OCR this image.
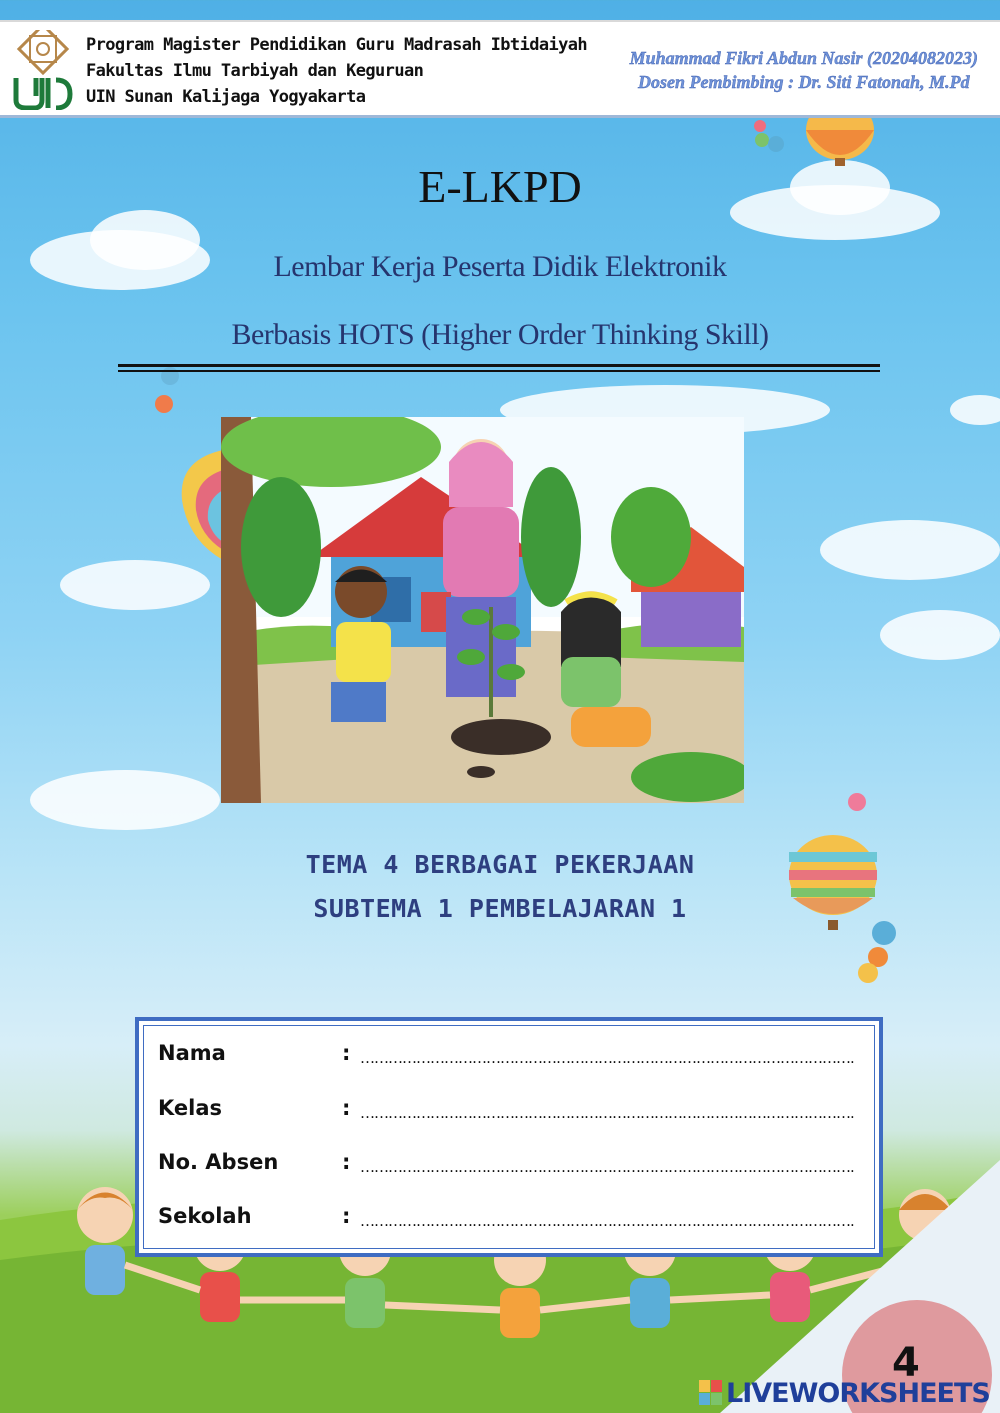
Program Magister Pendidikan Guru Madrasah Ibtidaiyah
Fakultas Ilmu Tarbiyah dan Keguruan
UIN Sunan Kalijaga Yogyakarta
Muhammad Fikri Abdun Nasir (20204082023)
Dosen Pembimbing : Dr. Siti Fatonah, M.Pd
E-LKPD
Lembar Kerja Peserta Didik Elektronik
Berbasis HOTS (Higher Order Thinking Skill)
TEMA 4 BERBAGAI PEKERJAAN
SUBTEMA 1 PEMBELAJARAN 1
Nama	: …………………………………………………………………………………………….
Kelas	: …………………………………………………………………………………………….
No. Absen	: …………………………………………………………………………………………….
Sekolah	: …………………………………………………………………………………………….
4
LIVEWORKSHEETS
